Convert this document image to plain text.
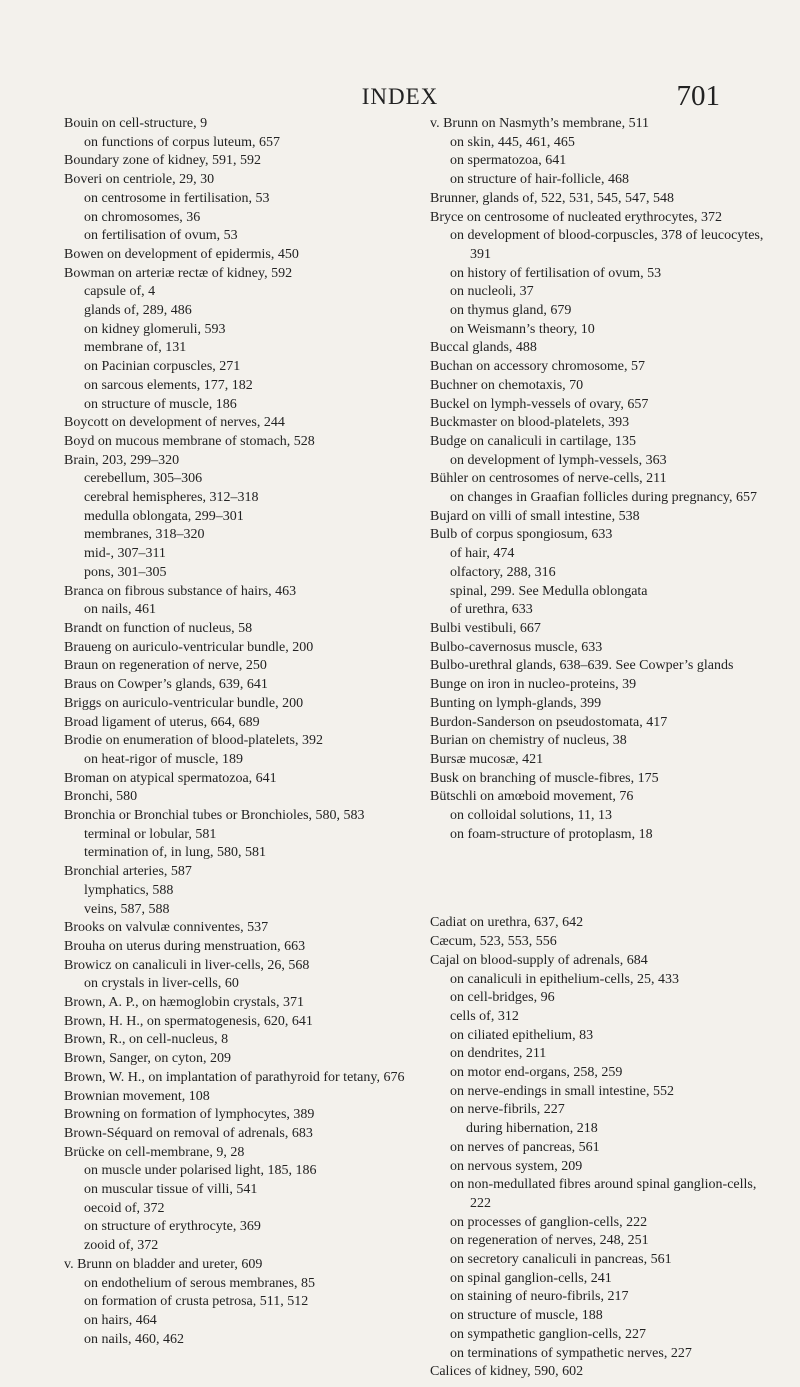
INDEX	701

Bouin on cell-structure, 9

on functions of corpus luteum, 657

Boundary zone of kidney, 591, 592

Boveri on centriole, 29, 30

on centrosome in fertilisation, 53

on chromosomes, 36

on fertilisation of ovum, 53

Bowen on development of epidermis, 450

Bowman on arteriæ rectæ of kidney, 592

capsule of, 4

glands of, 289, 486

on kidney glomeruli, 593

membrane of, 131

on Pacinian corpuscles, 271

on sarcous elements, 177, 182

on structure of muscle, 186

Boycott on development of nerves, 244

Boyd on mucous membrane of stomach, 528

Brain, 203, 299–320

cerebellum, 305–306

cerebral hemispheres, 312–318

medulla oblongata, 299–301

membranes, 318–320

mid-, 307–311

pons, 301–305

Branca on fibrous substance of hairs, 463

on nails, 461

Brandt on function of nucleus, 58

Braueng on auriculo-ventricular bundle, 200

Braun on regeneration of nerve, 250

Braus on Cowper’s glands, 639, 641

Briggs on auriculo-ventricular bundle, 200

Broad ligament of uterus, 664, 689

Brodie on enumeration of blood-platelets, 392

on heat-rigor of muscle, 189

Broman on atypical spermatozoa, 641

Bronchi, 580

Bronchia or Bronchial tubes or Bronchioles, 580, 583

terminal or lobular, 581

termination of, in lung, 580, 581

Bronchial arteries, 587

lymphatics, 588

veins, 587, 588

Brooks on valvulæ conniventes, 537

Brouha on uterus during menstruation, 663

Browicz on canaliculi in liver-cells, 26, 568

on crystals in liver-cells, 60

Brown, A. P., on hæmoglobin crystals, 371

Brown, H. H., on spermatogenesis, 620, 641

Brown, R., on cell-nucleus, 8

Brown, Sanger, on cyton, 209

Brown, W. H., on implantation of parathyroid for tetany, 676

Brownian movement, 108

Browning on formation of lymphocytes, 389

Brown-Séquard on removal of adrenals, 683

Brücke on cell-membrane, 9, 28

on muscle under polarised light, 185, 186

on muscular tissue of villi, 541

oecoid of, 372

on structure of erythrocyte, 369

zooid of, 372

v. Brunn on bladder and ureter, 609

on endothelium of serous membranes, 85

on formation of crusta petrosa, 511, 512

on hairs, 464

on nails, 460, 462

v. Brunn on Nasmyth’s membrane, 511

on skin, 445, 461, 465

on spermatozoa, 641

on structure of hair-follicle, 468

Brunner, glands of, 522, 531, 545, 547, 548

Bryce on centrosome of nucleated erythrocytes, 372

on development of blood-corpuscles, 378 of leucocytes, 391

on history of fertilisation of ovum, 53

on nucleoli, 37

on thymus gland, 679

on Weismann’s theory, 10

Buccal glands, 488

Buchan on accessory chromosome, 57

Buchner on chemotaxis, 70

Buckel on lymph-vessels of ovary, 657

Buckmaster on blood-platelets, 393

Budge on canaliculi in cartilage, 135

on development of lymph-vessels, 363

Bühler on centrosomes of nerve-cells, 211

on changes in Graafian follicles during pregnancy, 657

Bujard on villi of small intestine, 538

Bulb of corpus spongiosum, 633

of hair, 474

olfactory, 288, 316

spinal, 299. See Medulla oblongata

of urethra, 633

Bulbi vestibuli, 667

Bulbo-cavernosus muscle, 633

Bulbo-urethral glands, 638–639. See Cowper’s glands

Bunge on iron in nucleo-proteins, 39

Bunting on lymph-glands, 399

Burdon-Sanderson on pseudostomata, 417

Burian on chemistry of nucleus, 38

Bursæ mucosæ, 421

Busk on branching of muscle-fibres, 175

Bütschli on amœboid movement, 76

on colloidal solutions, 11, 13

on foam-structure of protoplasm, 18

Cadiat on urethra, 637, 642

Cæcum, 523, 553, 556

Cajal on blood-supply of adrenals, 684

on canaliculi in epithelium-cells, 25, 433

on cell-bridges, 96

cells of, 312

on ciliated epithelium, 83

on dendrites, 211

on motor end-organs, 258, 259

on nerve-endings in small intestine, 552

on nerve-fibrils, 227

during hibernation, 218

on nerves of pancreas, 561

on nervous system, 209

on non-medullated fibres around spinal ganglion-cells, 222

on processes of ganglion-cells, 222

on regeneration of nerves, 248, 251

on secretory canaliculi in pancreas, 561

on spinal ganglion-cells, 241

on staining of neuro-fibrils, 217

on structure of muscle, 188

on sympathetic ganglion-cells, 227

on terminations of sympathetic nerves, 227

Calices of kidney, 590, 602
